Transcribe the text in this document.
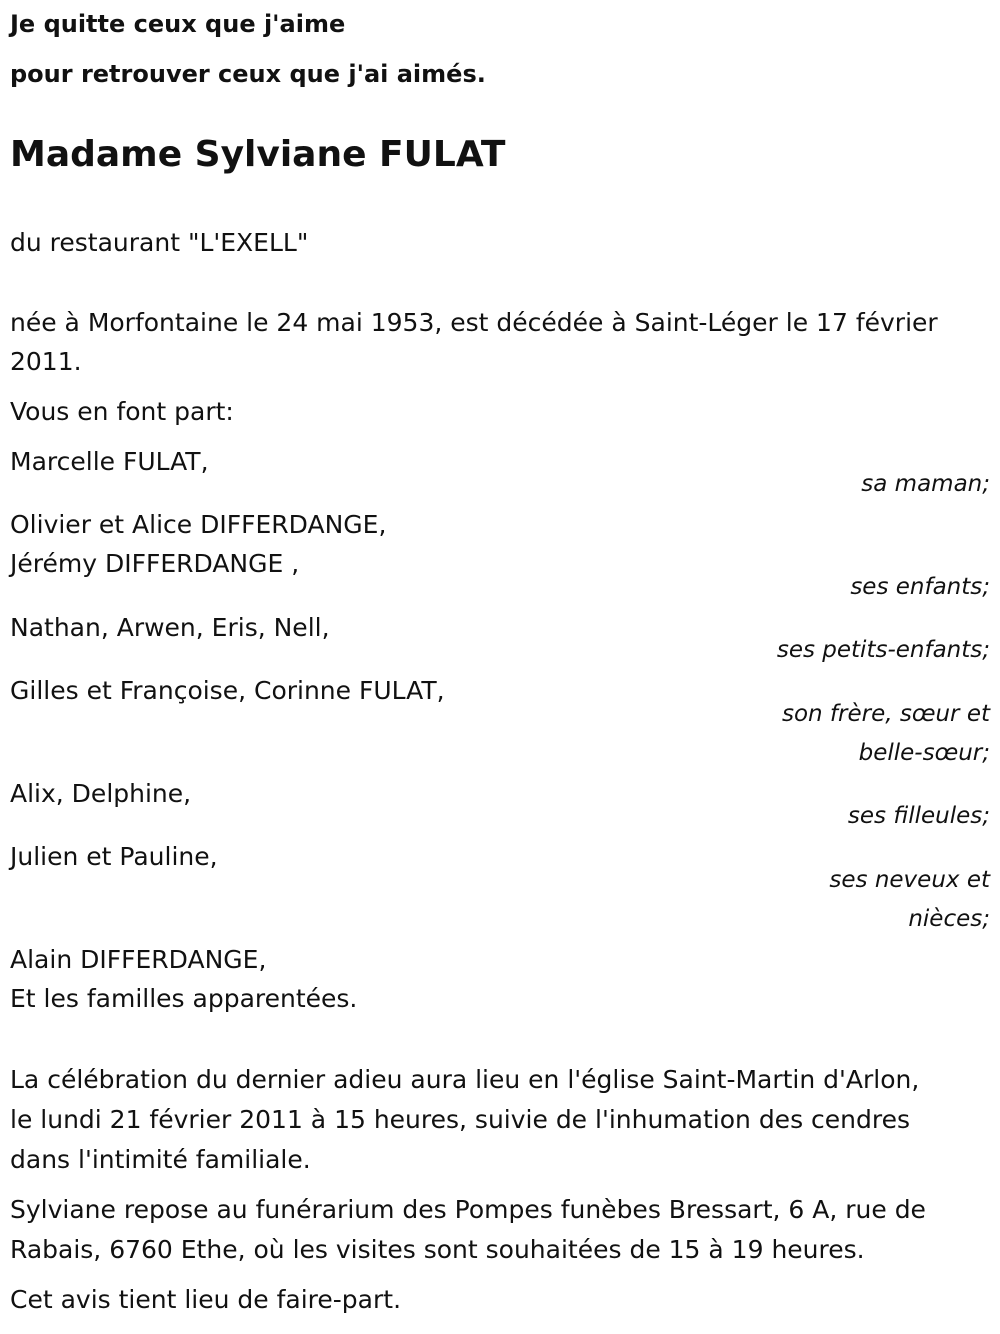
Je quitte ceux que j'aime
pour retrouver ceux que j'ai aimés.
Madame Sylviane FULAT
du restaurant "L'EXELL"
née à Morfontaine le 24 mai 1953, est décédée à Saint-Léger le 17 février
2011.
Vous en font part:
Marcelle FULAT,
sa maman;
Olivier et Alice DIFFERDANGE,
Jérémy DIFFERDANGE ,
ses enfants;
Nathan, Arwen, Eris, Nell,
ses petits-enfants;
Gilles et Françoise, Corinne FULAT,
son frère, sœur et
belle-sœur;
Alix, Delphine,
ses filleules;
Julien et Pauline,
ses neveux et
nièces;
Alain DIFFERDANGE,
Et les familles apparentées.
La célébration du dernier adieu aura lieu en l'église Saint-Martin d'Arlon,
le lundi 21 février 2011 à 15 heures, suivie de l'inhumation des cendres
dans l'intimité familiale.
Sylviane repose au funérarium des Pompes funèbes Bressart, 6 A, rue de
Rabais, 6760 Ethe, où les visites sont souhaitées de 15 à 19 heures.
Cet avis tient lieu de faire-part.
